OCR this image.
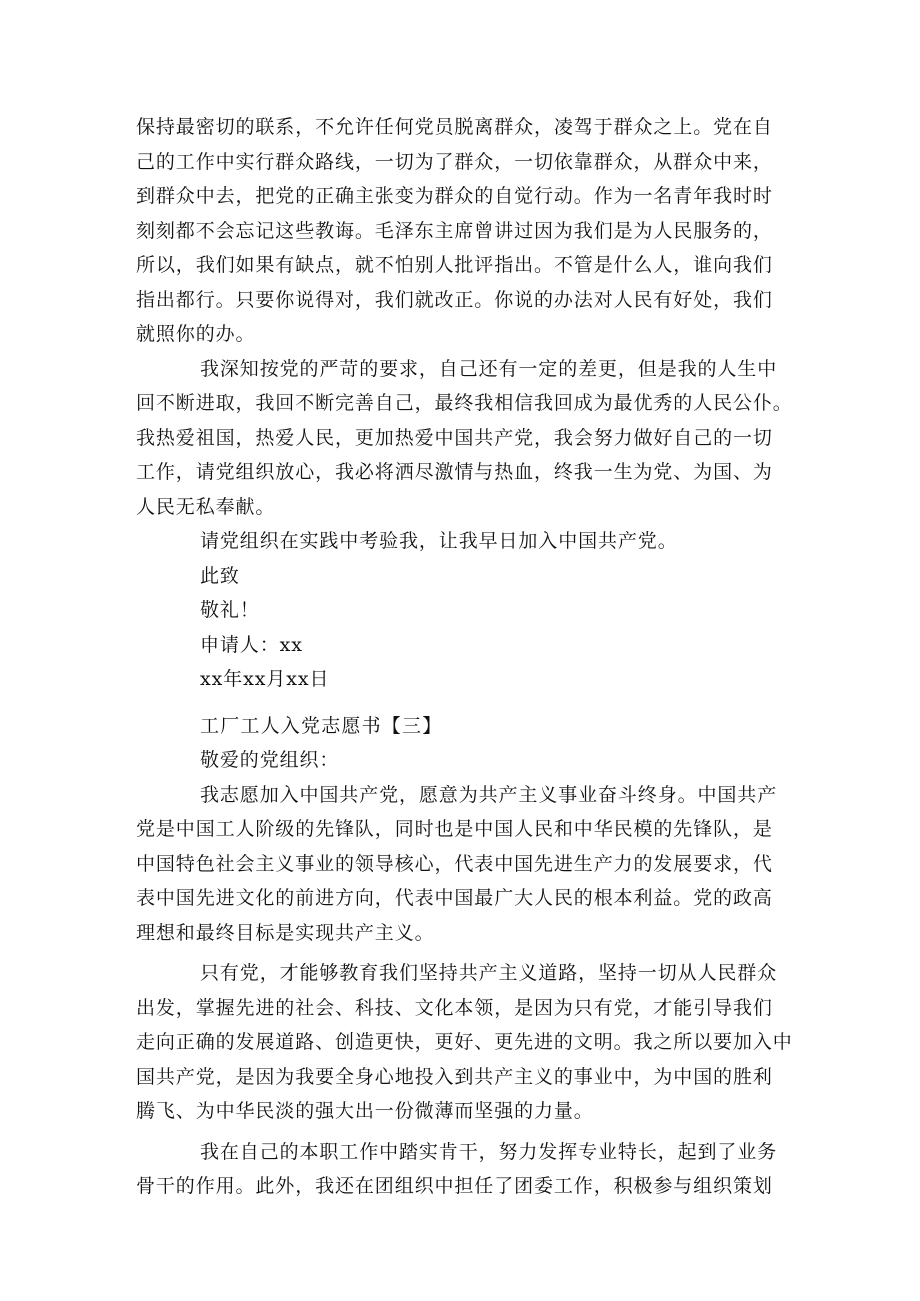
保持最密切的联系，不允许任何党员脱离群众，凌驾于群众之上。党在自

己的工作中实行群众路线，一切为了群众，一切依靠群众，从群众中来，

到群众中去，把党的正确主张变为群众的自觉行动。作为一名青年我时时

刻刻都不会忘记这些教诲。毛泽东主席曾讲过因为我们是为人民服务的，

所以，我们如果有缺点，就不怕别人批评指出。不管是什么人，谁向我们

指出都行。只要你说得对，我们就改正。你说的办法对人民有好处，我们

就照你的办。

我深知按党的严苛的要求，自己还有一定的差更，但是我的人生中

回不断进取，我回不断完善自己，最终我相信我回成为最优秀的人民公仆。

我热爱祖国，热爱人民，更加热爱中国共产党，我会努力做好自己的一切

工作，请党组织放心，我必将洒尽激情与热血，终我一生为党、为国、为

人民无私奉献。

请党组织在实践中考验我，让我早日加入中国共产党。

此致

敬礼！

申请人：xx

xx年xx月xx日

工厂工人入党志愿书【三】

敬爱的党组织：

我志愿加入中国共产党，愿意为共产主义事业奋斗终身。中国共产

党是中国工人阶级的先锋队，同时也是中国人民和中华民模的先锋队，是

中国特色社会主义事业的领导核心，代表中国先进生产力的发展要求，代

表中国先进文化的前进方向，代表中国最广大人民的根本利益。党的政高

理想和最终目标是实现共产主义。

只有党，才能够教育我们坚持共产主义道路，坚持一切从人民群众

出发，掌握先进的社会、科技、文化本领，是因为只有党，才能引导我们

走向正确的发展道路、创造更快，更好、更先进的文明。我之所以要加入中

国共产党，是因为我要全身心地投入到共产主义的事业中，为中国的胜利

腾飞、为中华民淡的强大出一份微薄而坚强的力量。

我在自己的本职工作中踏实肯干，努力发挥专业特长，起到了业务

骨干的作用。此外，我还在团组织中担任了团委工作，积极参与组织策划
